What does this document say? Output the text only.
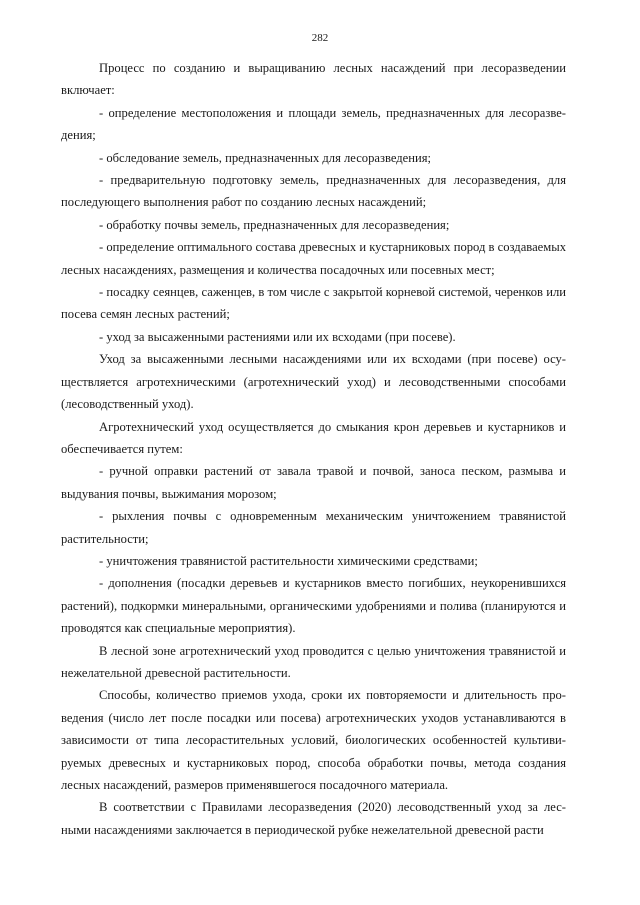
282

Процесс по созданию и выращиванию лесных насаждений при лесоразведении включает:

- определение местоположения и площади земель, предназначенных для лесоразведения;

- обследование земель, предназначенных для лесоразведения;

- предварительную подготовку земель, предназначенных для лесоразведения, для последующего выполнения работ по созданию лесных насаждений;

- обработку почвы земель, предназначенных для лесоразведения;

- определение оптимального состава древесных и кустарниковых пород в создаваемых лесных насаждениях, размещения и количества посадочных или посевных мест;

- посадку сеянцев, саженцев, в том числе с закрытой корневой системой, черенков или посева семян лесных растений;

- уход за высаженными растениями или их всходами (при посеве).

Уход за высаженными лесными насаждениями или их всходами (при посеве) осуществляется агротехническими (агротехнический уход) и лесоводственными способами (лесоводственный уход).

Агротехнический уход осуществляется до смыкания крон деревьев и кустарников и обеспечивается путем:

- ручной оправки растений от завала травой и почвой, заноса песком, размыва и выдувания почвы, выжимания морозом;

- рыхления почвы с одновременным механическим уничтожением травянистой растительности;

- уничтожения травянистой растительности химическими средствами;

- дополнения (посадки деревьев и кустарников вместо погибших, неукоренившихся растений), подкормки минеральными, органическими удобрениями и полива (планируются и проводятся как специальные мероприятия).

В лесной зоне агротехнический уход проводится с целью уничтожения травянистой и нежелательной древесной растительности.

Способы, количество приемов ухода, сроки их повторяемости и длительность проведения (число лет после посадки или посева) агротехнических уходов устанавливаются в зависимости от типа лесорастительных условий, биологических особенностей культивируемых древесных и кустарниковых пород, способа обработки почвы, метода создания лесных насаждений, размеров применявшегося посадочного материала.

В соответствии с Правилами лесоразведения (2020) лесоводственный уход за лесными насаждениями заключается в периодической рубке нежелательной древесной расти
